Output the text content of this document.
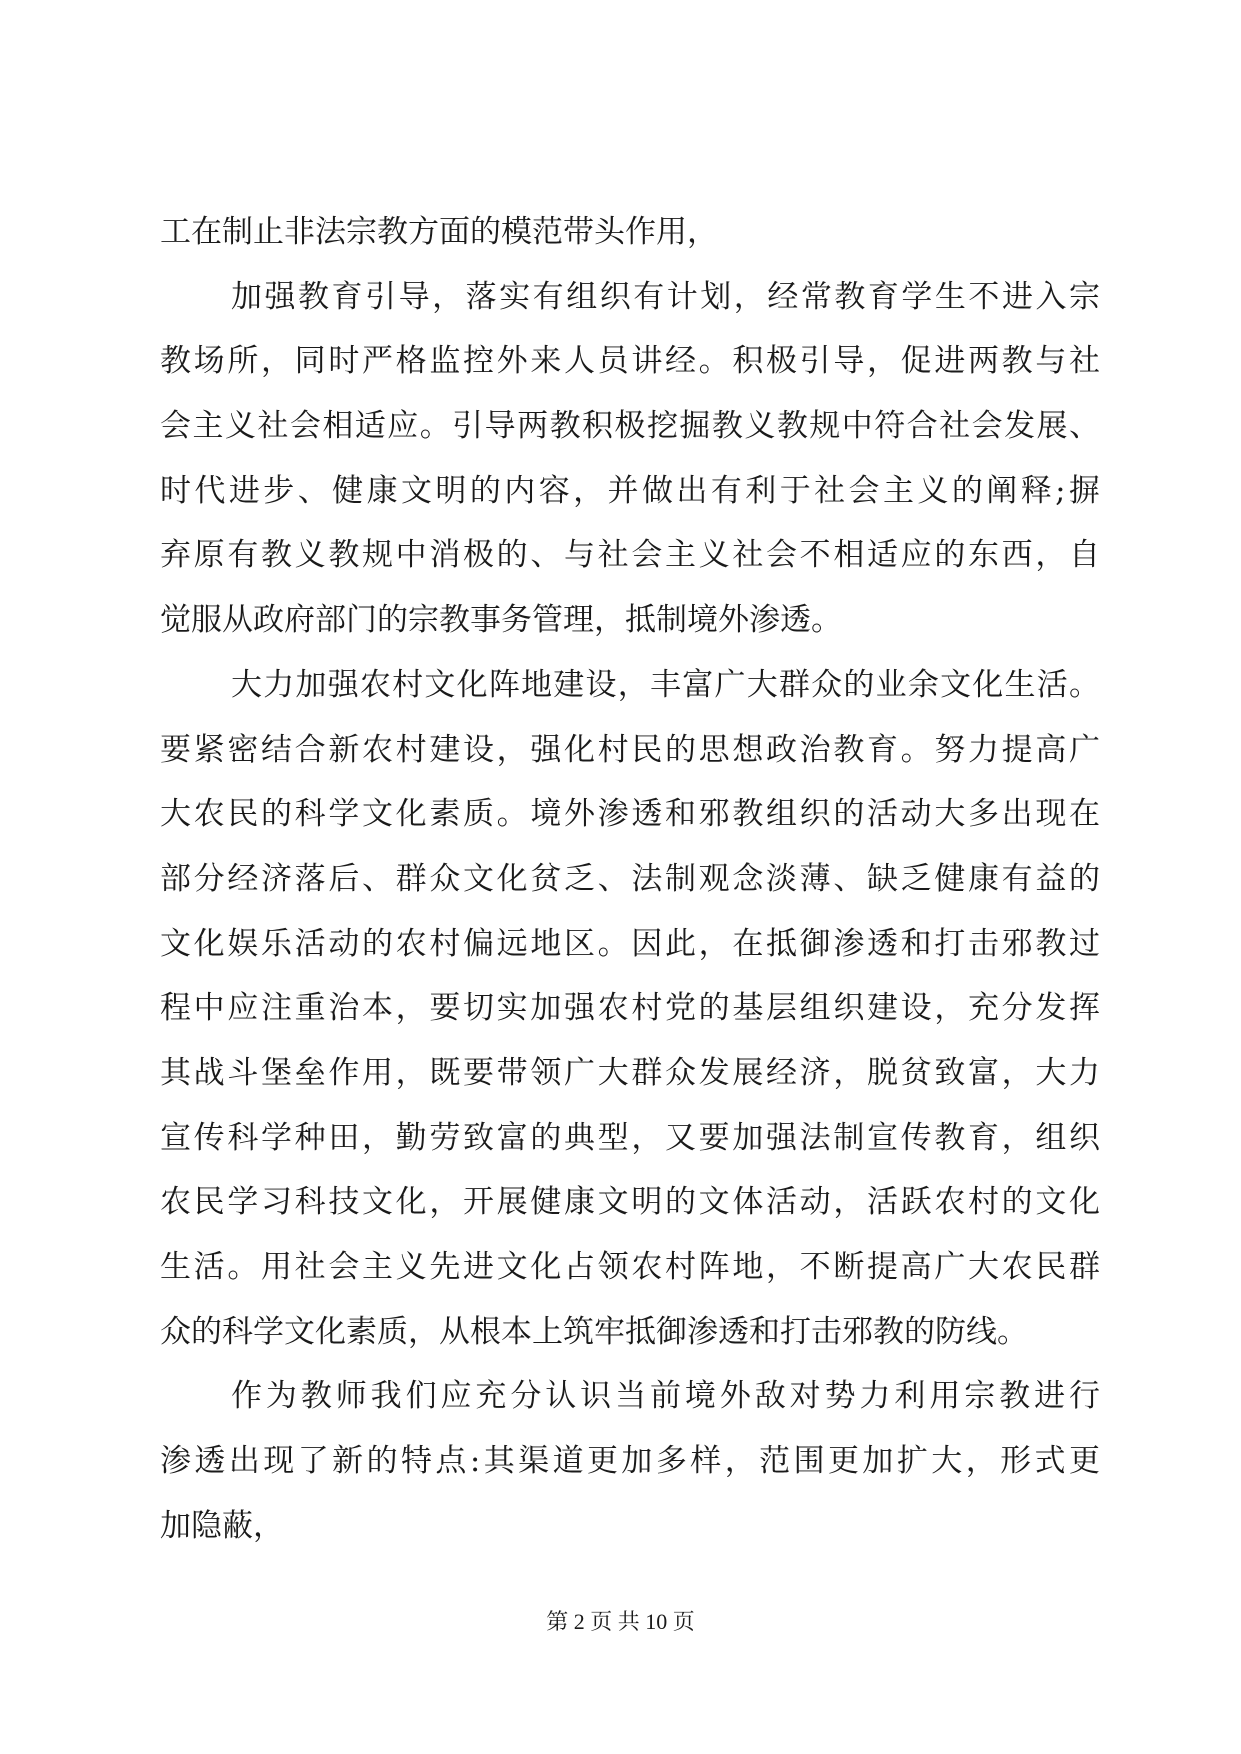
工在制止非法宗教方面的模范带头作用，
加强教育引导，落实有组织有计划，经常教育学生不进入宗
教场所，同时严格监控外来人员讲经。积极引导，促进两教与社
会主义社会相适应。引导两教积极挖掘教义教规中符合社会发展、
时代进步、健康文明的内容，并做出有利于社会主义的阐释;摒
弃原有教义教规中消极的、与社会主义社会不相适应的东西，自
觉服从政府部门的宗教事务管理，抵制境外渗透。
大力加强农村文化阵地建设，丰富广大群众的业余文化生活。
要紧密结合新农村建设，强化村民的思想政治教育。努力提高广
大农民的科学文化素质。境外渗透和邪教组织的活动大多出现在
部分经济落后、群众文化贫乏、法制观念淡薄、缺乏健康有益的
文化娱乐活动的农村偏远地区。因此，在抵御渗透和打击邪教过
程中应注重治本，要切实加强农村党的基层组织建设，充分发挥
其战斗堡垒作用，既要带领广大群众发展经济，脱贫致富，大力
宣传科学种田，勤劳致富的典型，又要加强法制宣传教育，组织
农民学习科技文化，开展健康文明的文体活动，活跃农村的文化
生活。用社会主义先进文化占领农村阵地，不断提高广大农民群
众的科学文化素质，从根本上筑牢抵御渗透和打击邪教的防线。
作为教师我们应充分认识当前境外敌对势力利用宗教进行
渗透出现了新的特点:其渠道更加多样，范围更加扩大，形式更
加隐蔽，
第 2 页 共 10 页
